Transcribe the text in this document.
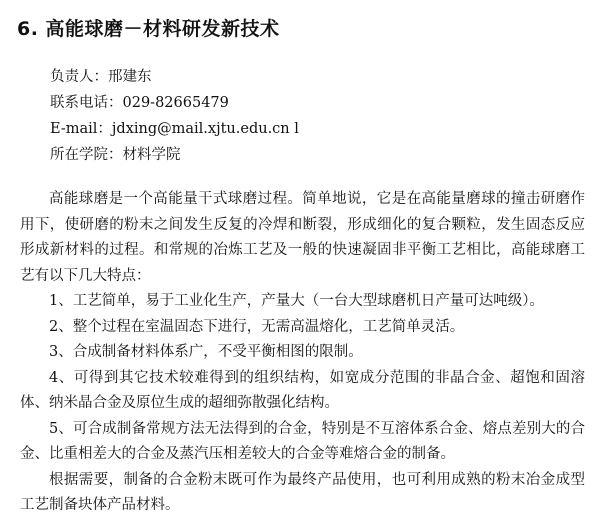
6. 高能球磨－材料研发新技术
负责人：邢建东
联系电话：029-82665479
E-mail：jdxing@mail.xjtu.edu.cn l
所在学院：材料学院

高能球磨是一个高能量干式球磨过程。简单地说，它是在高能量磨球的撞击研磨作用下，使研磨的粉末之间发生反复的冷焊和断裂，形成细化的复合颗粒，发生固态反应形成新材料的过程。和常规的冶炼工艺及一般的快速凝固非平衡工艺相比，高能球磨工艺有以下几大特点：

1、工艺简单，易于工业化生产，产量大（一台大型球磨机日产量可达吨级）。

2、整个过程在室温固态下进行，无需高温熔化，工艺简单灵活。

3、合成制备材料体系广，不受平衡相图的限制。

4、可得到其它技术较难得到的组织结构，如宽成分范围的非晶合金、超饱和固溶体、纳米晶合金及原位生成的超细弥散强化结构。

5、可合成制备常规方法无法得到的合金，特别是不互溶体系合金、熔点差别大的合金、比重相差大的合金及蒸汽压相差较大的合金等难熔合金的制备。

根据需要，制备的合金粉末既可作为最终产品使用，也可利用成熟的粉末冶金成型工艺制备块体产品材料。
